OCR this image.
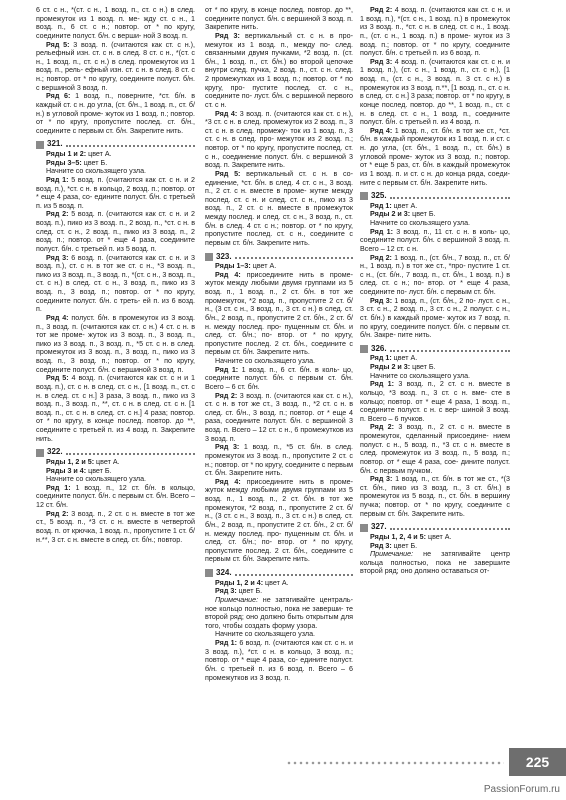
6 ст. с н., *(ст. с н., 1 возд. п., ст. с н.) в след. промежуток из 1 возд. п. ме- жду ст. с н., 1 возд. п., 6 ст. с н.; повтор. от * по кругу, соедините полуст. б/н. с верши- ной 3 возд. п.

Ряд 5: 3 возд. п. (считаются как ст. с н.), рельефный изн. ст. с н. в след. 8 ст. с н., *(ст. с н., 1 возд. п., ст. с н.) в след. промежуток из 1 возд. п., рель- ефный изн. ст. с н. в след. 8 ст. с н.; повтор. от * по кругу, соедините полуст. б/н. с вершиной 3 возд. п.

Ряд 6: 1 возд. п., поверните, *ст. б/н. в каждый ст. с н. до угла, (ст. б/н., 1 возд. п., ст. б/н.) в угловой проме- жуток из 1 возд. п.; повтор. от * по кругу, пропустите послед. ст. б/н., соедините с первым ст. б/н. Закрепите нить.

321.

Ряды 1 и 2: цвет А.

Ряды 3–5: цвет Б.

Начните со скользящего узла.

Ряд 1: 5 возд. п. (считаются как ст. с н. и 2 возд. п.), *ст. с н. в кольцо, 2 возд. п.; повтор. от * еще 4 раза, со- едините полуст. б/н. с третьей п. из 5 возд. п.

Ряд 2: 5 возд. п. (считаются как ст. с н. и 2 возд. п.), пико из 3 возд. п., 2 возд. п., *ст. с н. в след. ст. с н., 2 возд. п., пико из 3 возд. п., 2 возд. п.; повтор. от * еще 4 раза, соедините полуст. б/н. с третьей п. из 5 возд. п.

Ряд 3: 6 возд. п. (считаются как ст. с н. и 3 возд. п.), ст. с н. в тот же ст. с н., *3 возд. п., пико из 3 возд. п., 3 возд. п., *(ст. с н., 3 возд. п., ст. с н.) в след. ст. с н., 3 возд. п., пико из 3 возд. п., 3 возд. п.; повтор. от * по кругу, соедините полуст. б/н. с треть- ей п. из 6 возд. п.

Ряд 4: полуст. б/н. в промежуток из 3 возд. п., 3 возд. п. (считаются как ст. с н.) 4 ст. с н. в тот же проме- жуток из 3 возд. п., 3 возд. п., пико из 3 возд. п., 3 возд. п., *5 ст. с н. в след. промежуток из 3 возд. п., 3 возд. п., пико из 3 возд. п., 3 возд. п.; повтор. от * по кругу, соедините полуст. б/н. с вершиной 3 возд. п.

Ряд 5: 4 возд. п. (считаются как ст. с н и 1 возд. п.), ст. с н. в след. ст. с н., [1 возд. п., ст. с н. в след. ст. с н.] 3 раза, 3 возд. п., пико из 3 возд. п., 3 возд. п., **, ст. с н. в след. ст. с н. [1 возд. п., ст. с н. в след. ст. с н.] 4 раза; повтор. от * по кругу, в конце послед. повтор. до **, соедините с третьей п. из 4 возд. п. Закрепите нить.

322.

Ряды 1, 2 и 5: цвет А.

Ряды 3 и 4: цвет Б.

Начните со скользящего узла.

Ряд 1: 1 возд. п., 12 ст. б/н. в кольцо, соедините полуст. б/н. с первым ст. б/н. Всего – 12 ст. б/н.

Ряд 2: 3 возд. п., 2 ст. с н. вместе в тот же ст., 5 возд. п., *3 ст. с н. вместе в четвертой возд. п. от крючка, 1 возд. п., пропустите 1 ст. б/н.**, 3 ст. с н. вместе в след. ст. б/н.; повтор.

от * по кругу, в конце послед. повтор. до **, соедините полуст. б/н. с вершиной 3 возд. п. Закрепите нить.

Ряд 3: вертикальный ст. с н. в про- межуток из 1 возд. п., между по- след. связанными двумя пучками, *2 возд. п. (ст. б/н., 1 возд. п., ст. б/н.) во второй цепочке внутри след. пучка, 2 возд. п., ст. с н. след. 2 промежутках из 1 возд. п.; повтор. от * по кругу, про- пустите послед. ст. с н., соедините по- луст. б/н. с вершиной первого ст. с н.

Ряд 4: 3 возд. п. (считаются как ст. с н.), *3 ст. с н. в след. промежуток из 2 возд. п., 3 ст. с н. в след. промежу- ток из 1 возд. п., 3 ст. с н. в след. про- межуток из 2 возд. п.; повтор. от * по кругу, пропустите послед. ст. с н., соединение полуст. б/н. с вершиной 3 возд. п. Закрепите нить.

Ряд 5: вертикальный ст. с н. в со- единение, *ст. б/н. в след. 4 ст. с н., 3 возд. п., 2 ст. с н. вместе в проме- жутке между послед. ст. с н. и след. ст. с н., пико из 3 возд. п., 2 ст. с н. вместе в промежуток между послед. и след. ст. с н., 3 возд. п., ст. б/н. в след. 4 ст. с н.; повтор. от * по кругу, пропустите послед. ст. с н., соедините с первым ст. б/н. Закрепите нить.

323.

Ряды 1–3: цвет А.

Ряд 4: присоедините нить в проме- жуток между любыми двумя группами из 5 возд. п., 1 возд. п., 2 ст. б/н. в тот же промежуток, *2 возд. п., пропустите 2 ст. б/н., (3 ст. с н., 3 возд. п., 3 ст. с н.) в след. ст. б/н., 2 возд. п., пропустите 2 ст. б/н., 2 ст. б/н. между послед. про- пущенным ст. б/н. и след. ст. б/н.; по- втор. от * по кругу, пропустите послед. 2 ст. б/н., соедините с первым ст. б/н. Закрепите нить.

Начните со скользящего узла.

Ряд 1: 1 возд. п., 6 ст. б/н. в коль- цо, соедините полуст. б/н. с первым ст. б/н. Всего – 6 ст. б/н.

Ряд 2: 3 возд. п. (считаются как ст. с н.), ст. с н. в тот же ст., 3 возд. п., *2 ст. с н. в след. ст. б/н., 3 возд. п.; повтор. от * еще 4 раза, соедините полуст. б/н. с вершиной 3 возд. п. Всего – 12 ст. с н., 6 промежутков из 3 возд. п.

Ряд 3: 1 возд. п., *5 ст. б/н. в след. промежуток из 3 возд. п., пропустите 2 ст. с н.; повтор. от * по кругу, соедините с первым ст. б/н. Закрепите нить.

Ряд 4: присоедините нить в проме- жуток между любыми двумя группами из 5 возд. п., 1 возд. п., 2 ст. б/н. в тот же промежуток, *2 возд. п., пропустите 2 ст. б/н., (3 ст. с н., 3 возд. п., 3 ст. с н.) в след. ст. б/н., 2 возд. п., пропустите 2 ст. б/н., 2 ст. б/н. между послед. про- пущенным ст. б/н. и след. ст. б/н.; по- втор. от * по кругу, пропустите послед. 2 ст. б/н., соедините с первым ст. б/н. Закрепите нить.

324.

Ряды 1, 2 и 4: цвет А.

Ряд 3: цвет Б.

Примечание: не затягивайте централь- ное кольцо полностью, пока не заверши- те второй ряд; оно должно быть открытым для того, чтобы создать форму узора.

Начните со скользящего узла.

Ряд 1: 6 возд. п. (считаются как ст. с н. и 3 возд. п.), *ст. с н. в кольцо, 3 возд. п.; повтор. от * еще 4 раза, со- едините полуст. б/н. с третьей п. из 6 возд. п. Всего – 6 промежутков из 3 возд. п.

Ряд 2: 4 возд. п. (считаются как ст. с н. и 1 возд. п.), *(ст. с н., 1 возд. п.) в промежуток из 3 возд. п., *ст. с н. в след. ст. с н., 1 возд. п., (ст. с н., 1 возд. п.) в проме- жуток из 3 возд. п.; повтор. от * по кругу, соедините полуст. б/н. с третьей п. из 6 возд. п.

Ряд 3: 4 возд. п. (считаются как ст. с н. и 1 возд. п.), (ст. с н., 1 возд. п., ст. с н.), [1 возд. п., (ст. с н., 3 возд. п. 3 ст. с н.) в промежуток из 3 возд. п.**, [1 возд. п., ст. с н. в след. ст. с н.] 3 раза; повтор. от * по кругу, в конце послед. повтор. до **, 1 возд. п., ст. с н. в след. ст. с н., 1 возд. п., соедините полуст. б/н. с третьей п. из 4 возд. п.

Ряд 4: 1 возд. п., ст. б/н. в тот же ст., *ст. б/н. в каждый промежуток из 1 возд. п. и ст. с н. до угла, (ст. б/н., 1 возд. п., ст. б/н.) в угловой проме- жуток из 3 возд. п.; повтор. от * еще 5 раз, ст. б/н. в каждый промежуток из 1 возд. п. и ст. с н. до конца ряда, соеди- ните с первым ст. б/н. Закрепите нить.

325.

Ряд 1: цвет А.

Ряды 2 и 3: цвет Б.

Начните со скользящего узла.

Ряд 1: 3 возд. п., 11 ст. с н. в коль- цо, соедините полуст. б/н. с вершиной 3 возд. п. Всего – 12 ст. с н.

Ряд 2: 1 возд. п., (ст. б/н., 7 возд. п., ст. б/н., 1 возд. п.) в тот же ст., *про- пустите 1 ст. с н., (ст. б/н., 7 возд. п., ст. б/н., 1 возд. п.) в след. ст. с н.; по- втор. от * еще 4 раза, соедините по- луст. б/н. с первым ст. б/н.

Ряд 3: 1 возд. п., (ст. б/н., 2 по- луст. с н., 3 ст. с н., 2 возд. п., 3 ст. с н., 2 полуст. с н., ст. б/н.) в каждый проме- жуток из 7 возд. п. по кругу, соедините полуст. б/н. с первым ст. б/н. Закре- пите нить.

326.

Ряд 1: цвет А.

Ряды 2 и 3: цвет Б.

Начните со скользящего узла.

Ряд 1: 3 возд. п., 2 ст. с н. вместе в кольцо, *3 возд. п., 3 ст. с н. вме- сте в кольцо; повтор. от * еще 4 раза, 1 возд. п., соедините полуст. с н. с вер- шиной 3 возд. п. Всего – 6 пучков.

Ряд 2: 3 возд. п., 2 ст. с н. вместе в промежуток, сделанный присоедине- нием полуст. с н., 5 возд. п., *3 ст. с н. вместе в след. промежуток из 3 возд. п., 5 возд. п.; повтор. от * еще 4 раза, сое- дините полуст. б/н. с первым пучком.

Ряд 3: 1 возд. п., ст. б/н. в тот же ст., *(3 ст. б/н., пико из 3 возд. п., 3 ст. б/н.) в промежуток из 5 возд. п., ст. б/н. в вершину пучка; повтор. от * по кругу, соедините с первым ст. б/н. Закрепите нить.

327.

Ряды 1, 2, 4 и 5: цвет А.

Ряд 3: цвет Б.

Примечание: не затягивайте центр кольца полностью, пока не завершите второй ряд; оно должно оставаться от-

225
PassionForum.ru
